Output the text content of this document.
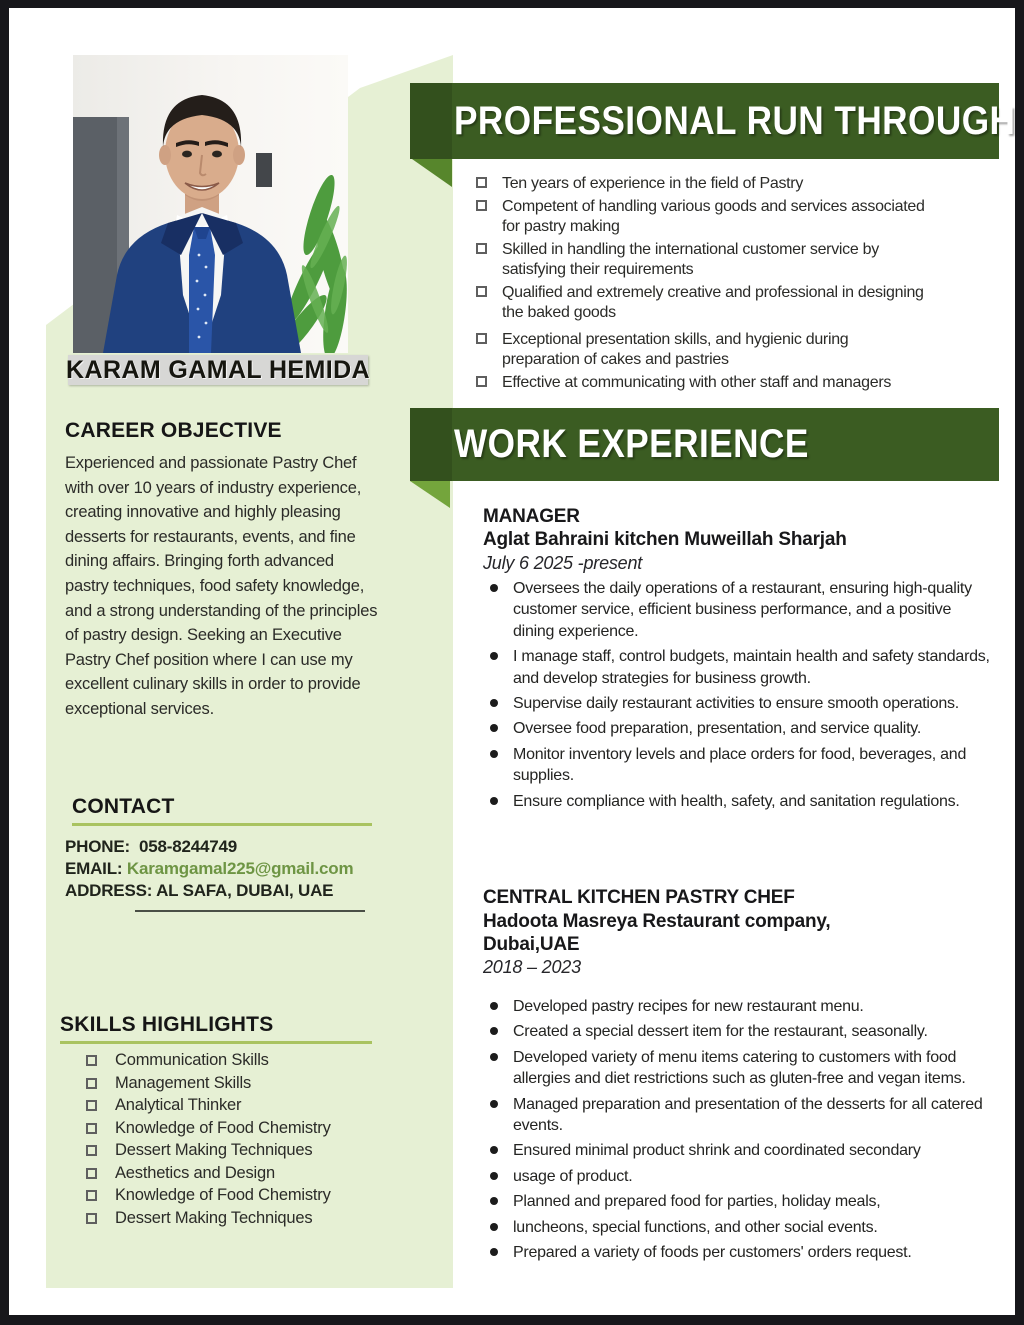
KARAM GAMAL HEMIDA
CAREER OBJECTIVE
Experienced and passionate Pastry Chef with over 10 years of industry experience, creating innovative and highly pleasing desserts for restaurants, events, and fine dining affairs. Bringing forth advanced pastry techniques, food safety knowledge, and a strong understanding of the principles of pastry design. Seeking an Executive Pastry Chef position where I can use my excellent culinary skills in order to provide exceptional services.
CONTACT
PHONE: 058-8244749
EMAIL: Karamgamal225@gmail.com
ADDRESS: AL SAFA, DUBAI, UAE
SKILLS HIGHLIGHTS
Communication Skills
Management Skills
Analytical Thinker
Knowledge of Food Chemistry
Dessert Making Techniques
Aesthetics and Design
Knowledge of Food Chemistry
Dessert Making Techniques
PROFESSIONAL RUN THROUGH
Ten years of experience in the field of Pastry
Competent of handling various goods and services associated for pastry making
Skilled in handling the international customer service by satisfying their requirements
Qualified and extremely creative and professional in designing the baked goods
Exceptional presentation skills, and hygienic during preparation of cakes and pastries
Effective at communicating with other staff and managers
WORK EXPERIENCE
MANAGER
Aglat Bahraini kitchen Muweillah Sharjah
July 6 2025 -present
Oversees the daily operations of a restaurant, ensuring high-quality customer service, efficient business performance, and a positive dining experience.
I manage staff, control budgets, maintain health and safety standards, and develop strategies for business growth.
Supervise daily restaurant activities to ensure smooth operations.
Oversee food preparation, presentation, and service quality.
Monitor inventory levels and place orders for food, beverages, and supplies.
Ensure compliance with health, safety, and sanitation regulations.
CENTRAL KITCHEN PASTRY CHEF
Hadoota Masreya Restaurant company,
Dubai,UAE
2018 – 2023
Developed pastry recipes for new restaurant menu.
Created a special dessert item for the restaurant, seasonally.
Developed variety of menu items catering to customers with food allergies and diet restrictions such as gluten-free and vegan items.
Managed preparation and presentation of the desserts for all catered events.
Ensured minimal product shrink and coordinated secondary
usage of product.
Planned and prepared food for parties, holiday meals,
luncheons, special functions, and other social events.
Prepared a variety of foods per customers' orders request.
